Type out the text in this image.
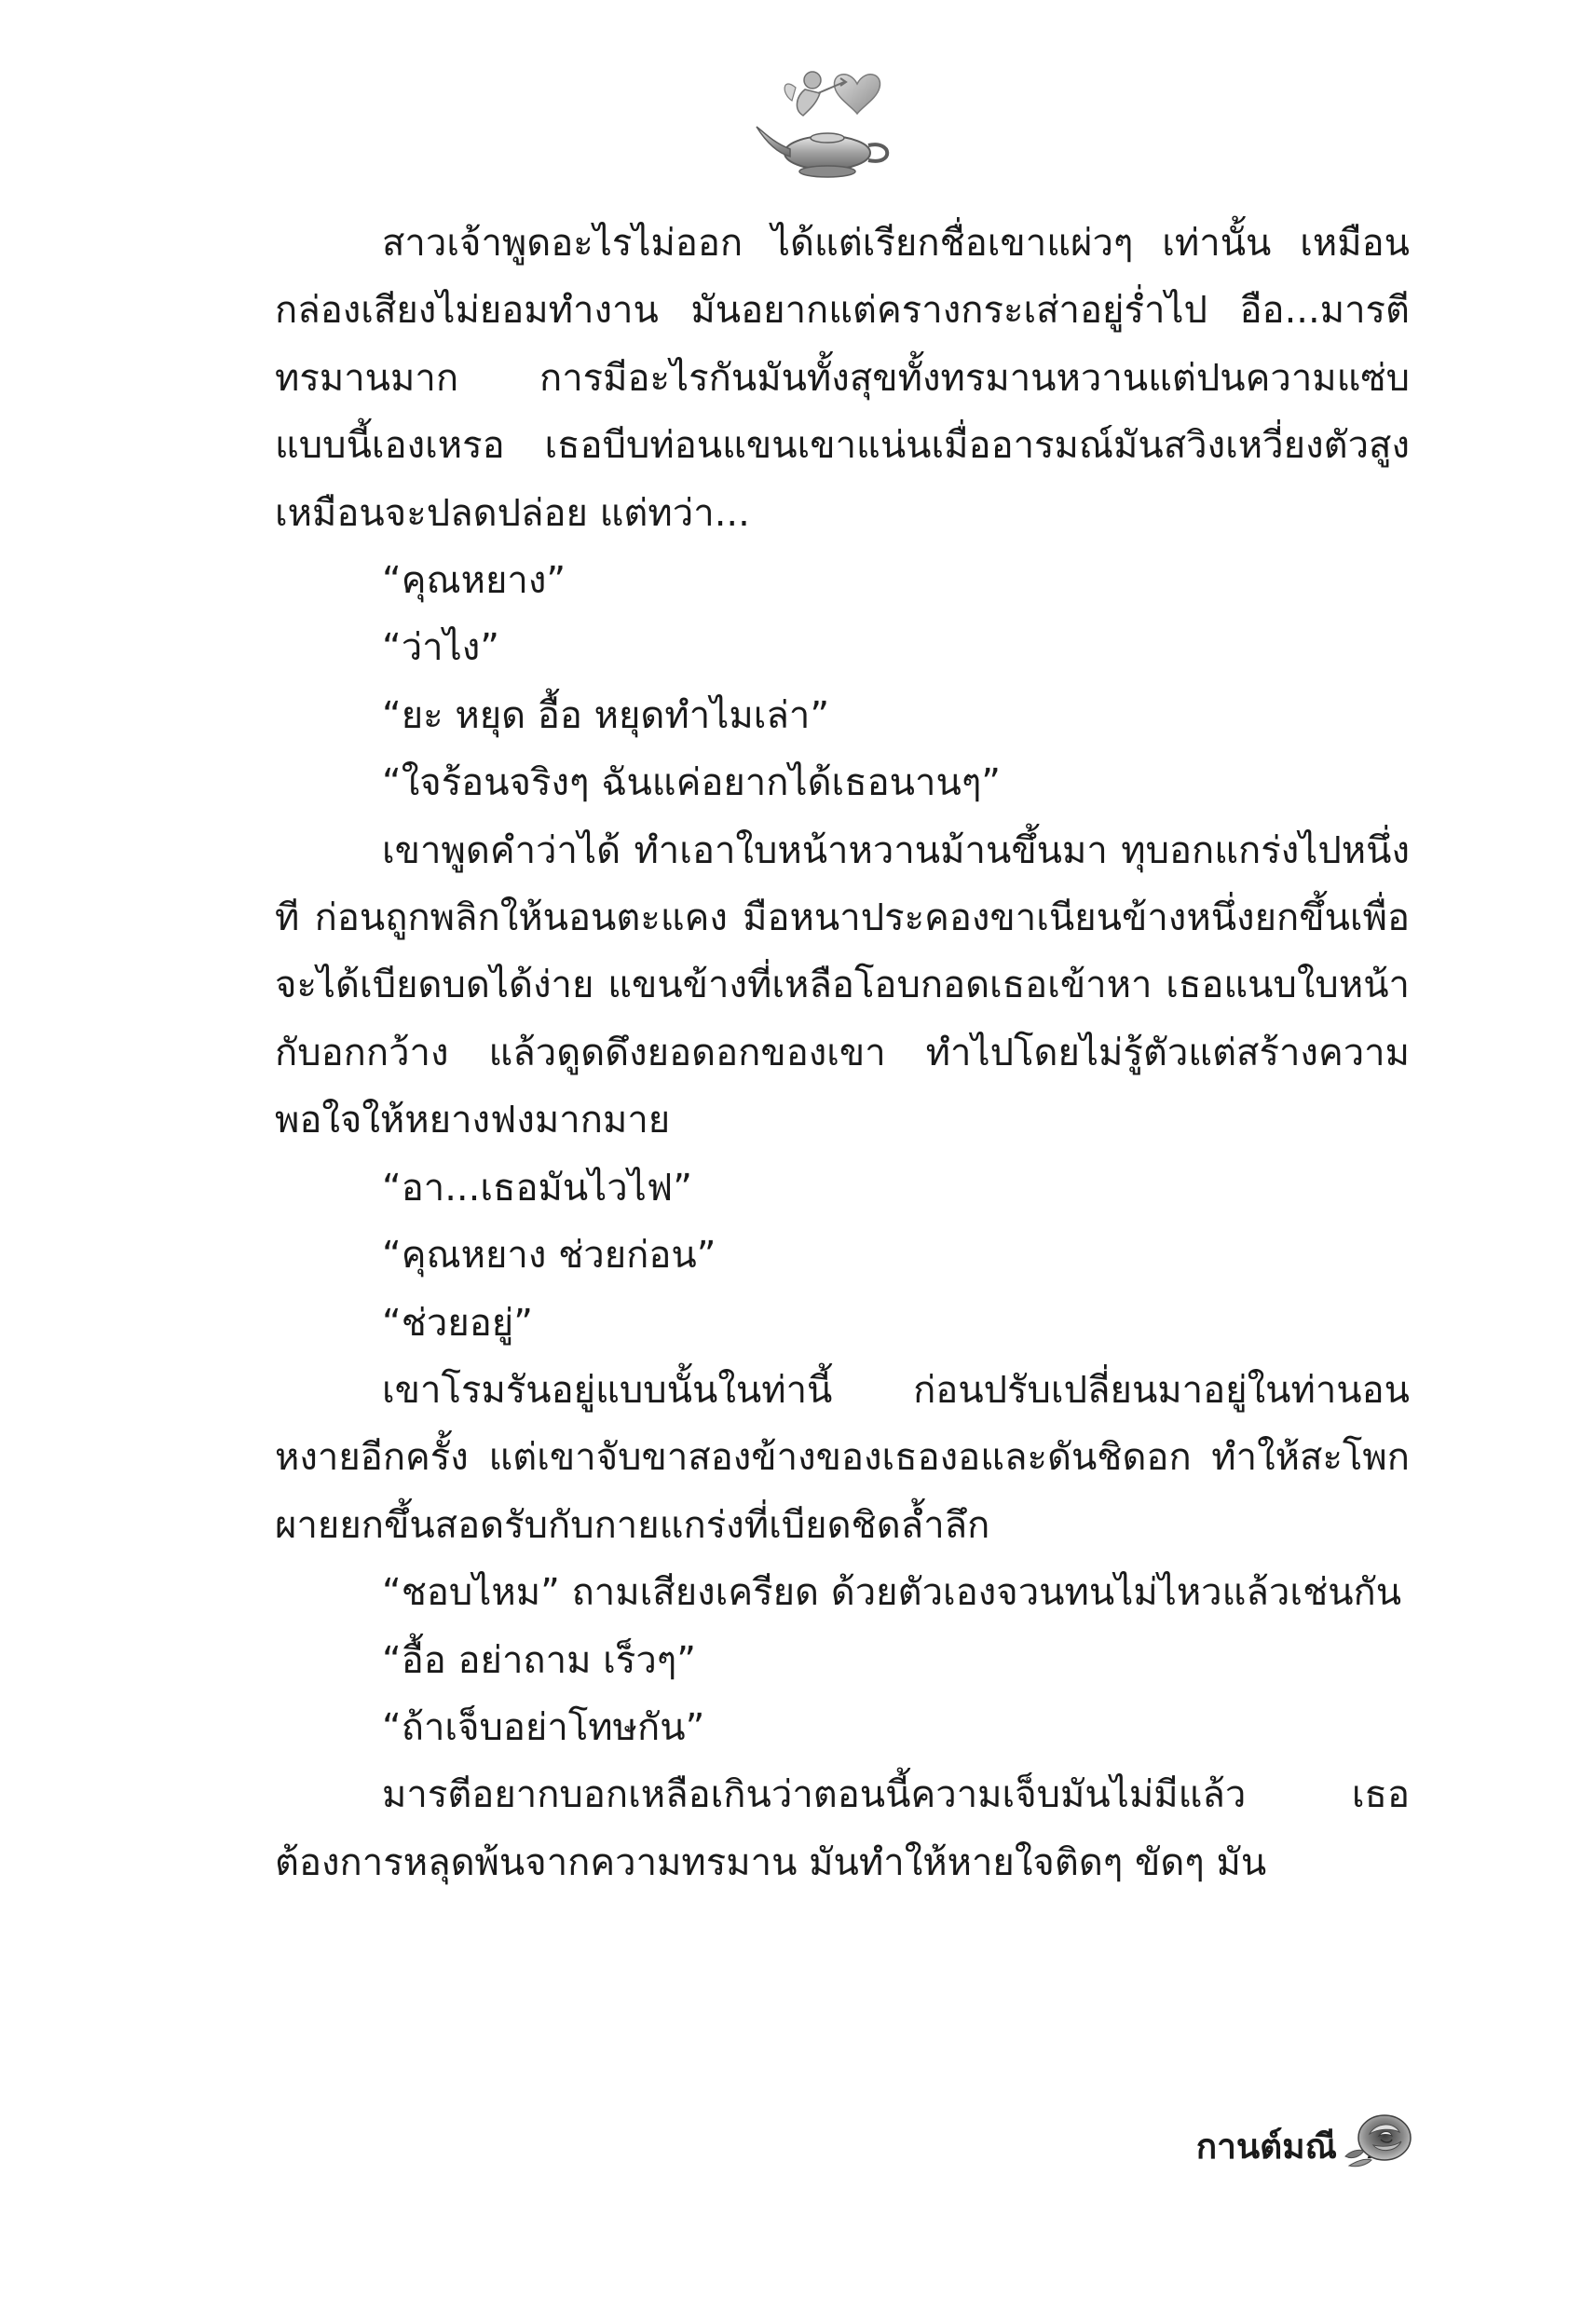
สาวเจ้าพูดอะไรไม่ออก ได้แต่เรียกชื่อเขาแผ่วๆ เท่านั้น เหมือนกล่องเสียงไม่ยอมทำงาน มันอยากแต่ครางกระเส่าอยู่ร่ำไป อือ...มารตีทรมานมาก การมีอะไรกันมันทั้งสุขทั้งทรมานหวานแต่ปนความแซ่บแบบนี้เองเหรอ เธอบีบท่อนแขนเขาแน่นเมื่ออารมณ์มันสวิงเหวี่ยงตัวสูงเหมือนจะปลดปล่อย แต่ทว่า...

“คุณหยาง”

“ว่าไง”

“ยะ หยุด อื้อ หยุดทำไมเล่า”

“ใจร้อนจริงๆ ฉันแค่อยากได้เธอนานๆ”

เขาพูดคำว่าได้ ทำเอาใบหน้าหวานม้านขึ้นมา ทุบอกแกร่งไปหนึ่งที ก่อนถูกพลิกให้นอนตะแคง มือหนาประคองขาเนียนข้างหนึ่งยกขึ้นเพื่อจะได้เบียดบดได้ง่าย แขนข้างที่เหลือโอบกอดเธอเข้าหา เธอแนบใบหน้ากับอกกว้าง แล้วดูดดึงยอดอกของเขา ทำไปโดยไม่รู้ตัวแต่สร้างความพอใจให้หยางฟงมากมาย

“อา...เธอมันไวไฟ”

“คุณหยาง ช่วยก่อน”

“ช่วยอยู่”

เขาโรมรันอยู่แบบนั้นในท่านี้ ก่อนปรับเปลี่ยนมาอยู่ในท่านอนหงายอีกครั้ง แต่เขาจับขาสองข้างของเธองอและดันชิดอก ทำให้สะโพกผายยกขึ้นสอดรับกับกายแกร่งที่เบียดชิดล้ำลึก

“ชอบไหม” ถามเสียงเครียด ด้วยตัวเองจวนทนไม่ไหวแล้วเช่นกัน

“อื้อ อย่าถาม เร็วๆ”

“ถ้าเจ็บอย่าโทษกัน”

มารตีอยากบอกเหลือเกินว่าตอนนี้ความเจ็บมันไม่มีแล้ว เธอต้องการหลุดพ้นจากความทรมาน มันทำให้หายใจติดๆ ขัดๆ มัน

กานต์มณี
